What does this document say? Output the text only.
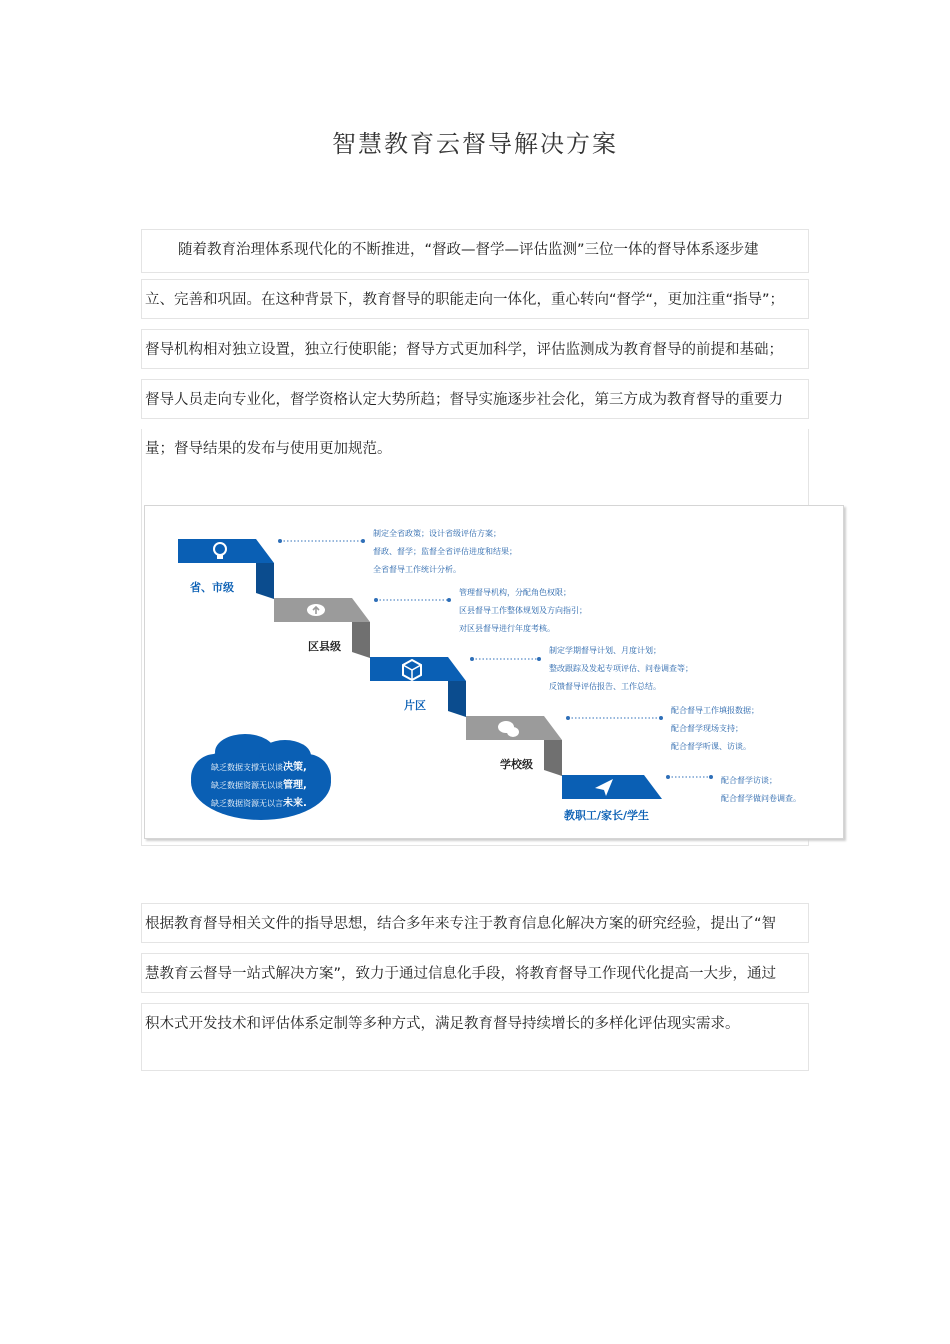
智慧教育云督导解决方案
随着教育治理体系现代化的不断推进，“督政—督学—评估监测”三位一体的督导体系逐步建
立、完善和巩固。在这种背景下，教育督导的职能走向一体化，重心转向“督学“，更加注重“指导”；
督导机构相对独立设置，独立行使职能；督导方式更加科学，评估监测成为教育督导的前提和基础；
督导人员走向专业化，督学资格认定大势所趋；督导实施逐步社会化，第三方成为教育督导的重要力
量；督导结果的发布与使用更加规范。
省、市级
制定全省政策；设计省级评估方案；
督政、督学；监督全省评估进度和结果；
全省督导工作统计分析。
区县级
管理督导机构，分配角色权限；
区县督导工作整体规划及方向指引；
对区县督导进行年度考核。
片区
制定学期督导计划、月度计划；
整改跟踪及发起专项评估、问卷调查等；
反馈督导评估报告、工作总结。
学校级
配合督导工作填报数据；
配合督学现场支持；
配合督学听课、访谈。
教职工/家长/学生
配合督学访谈；
配合督学做问卷调查。
缺乏数据支撑无以谈决策,
缺乏数据资源无以谈管理,
缺乏数据资源无以言未来.
根据教育督导相关文件的指导思想，结合多年来专注于教育信息化解决方案的研究经验，提出了“智
慧教育云督导一站式解决方案”，致力于通过信息化手段，将教育督导工作现代化提高一大步，通过
积木式开发技术和评估体系定制等多种方式，满足教育督导持续增长的多样化评估现实需求。
